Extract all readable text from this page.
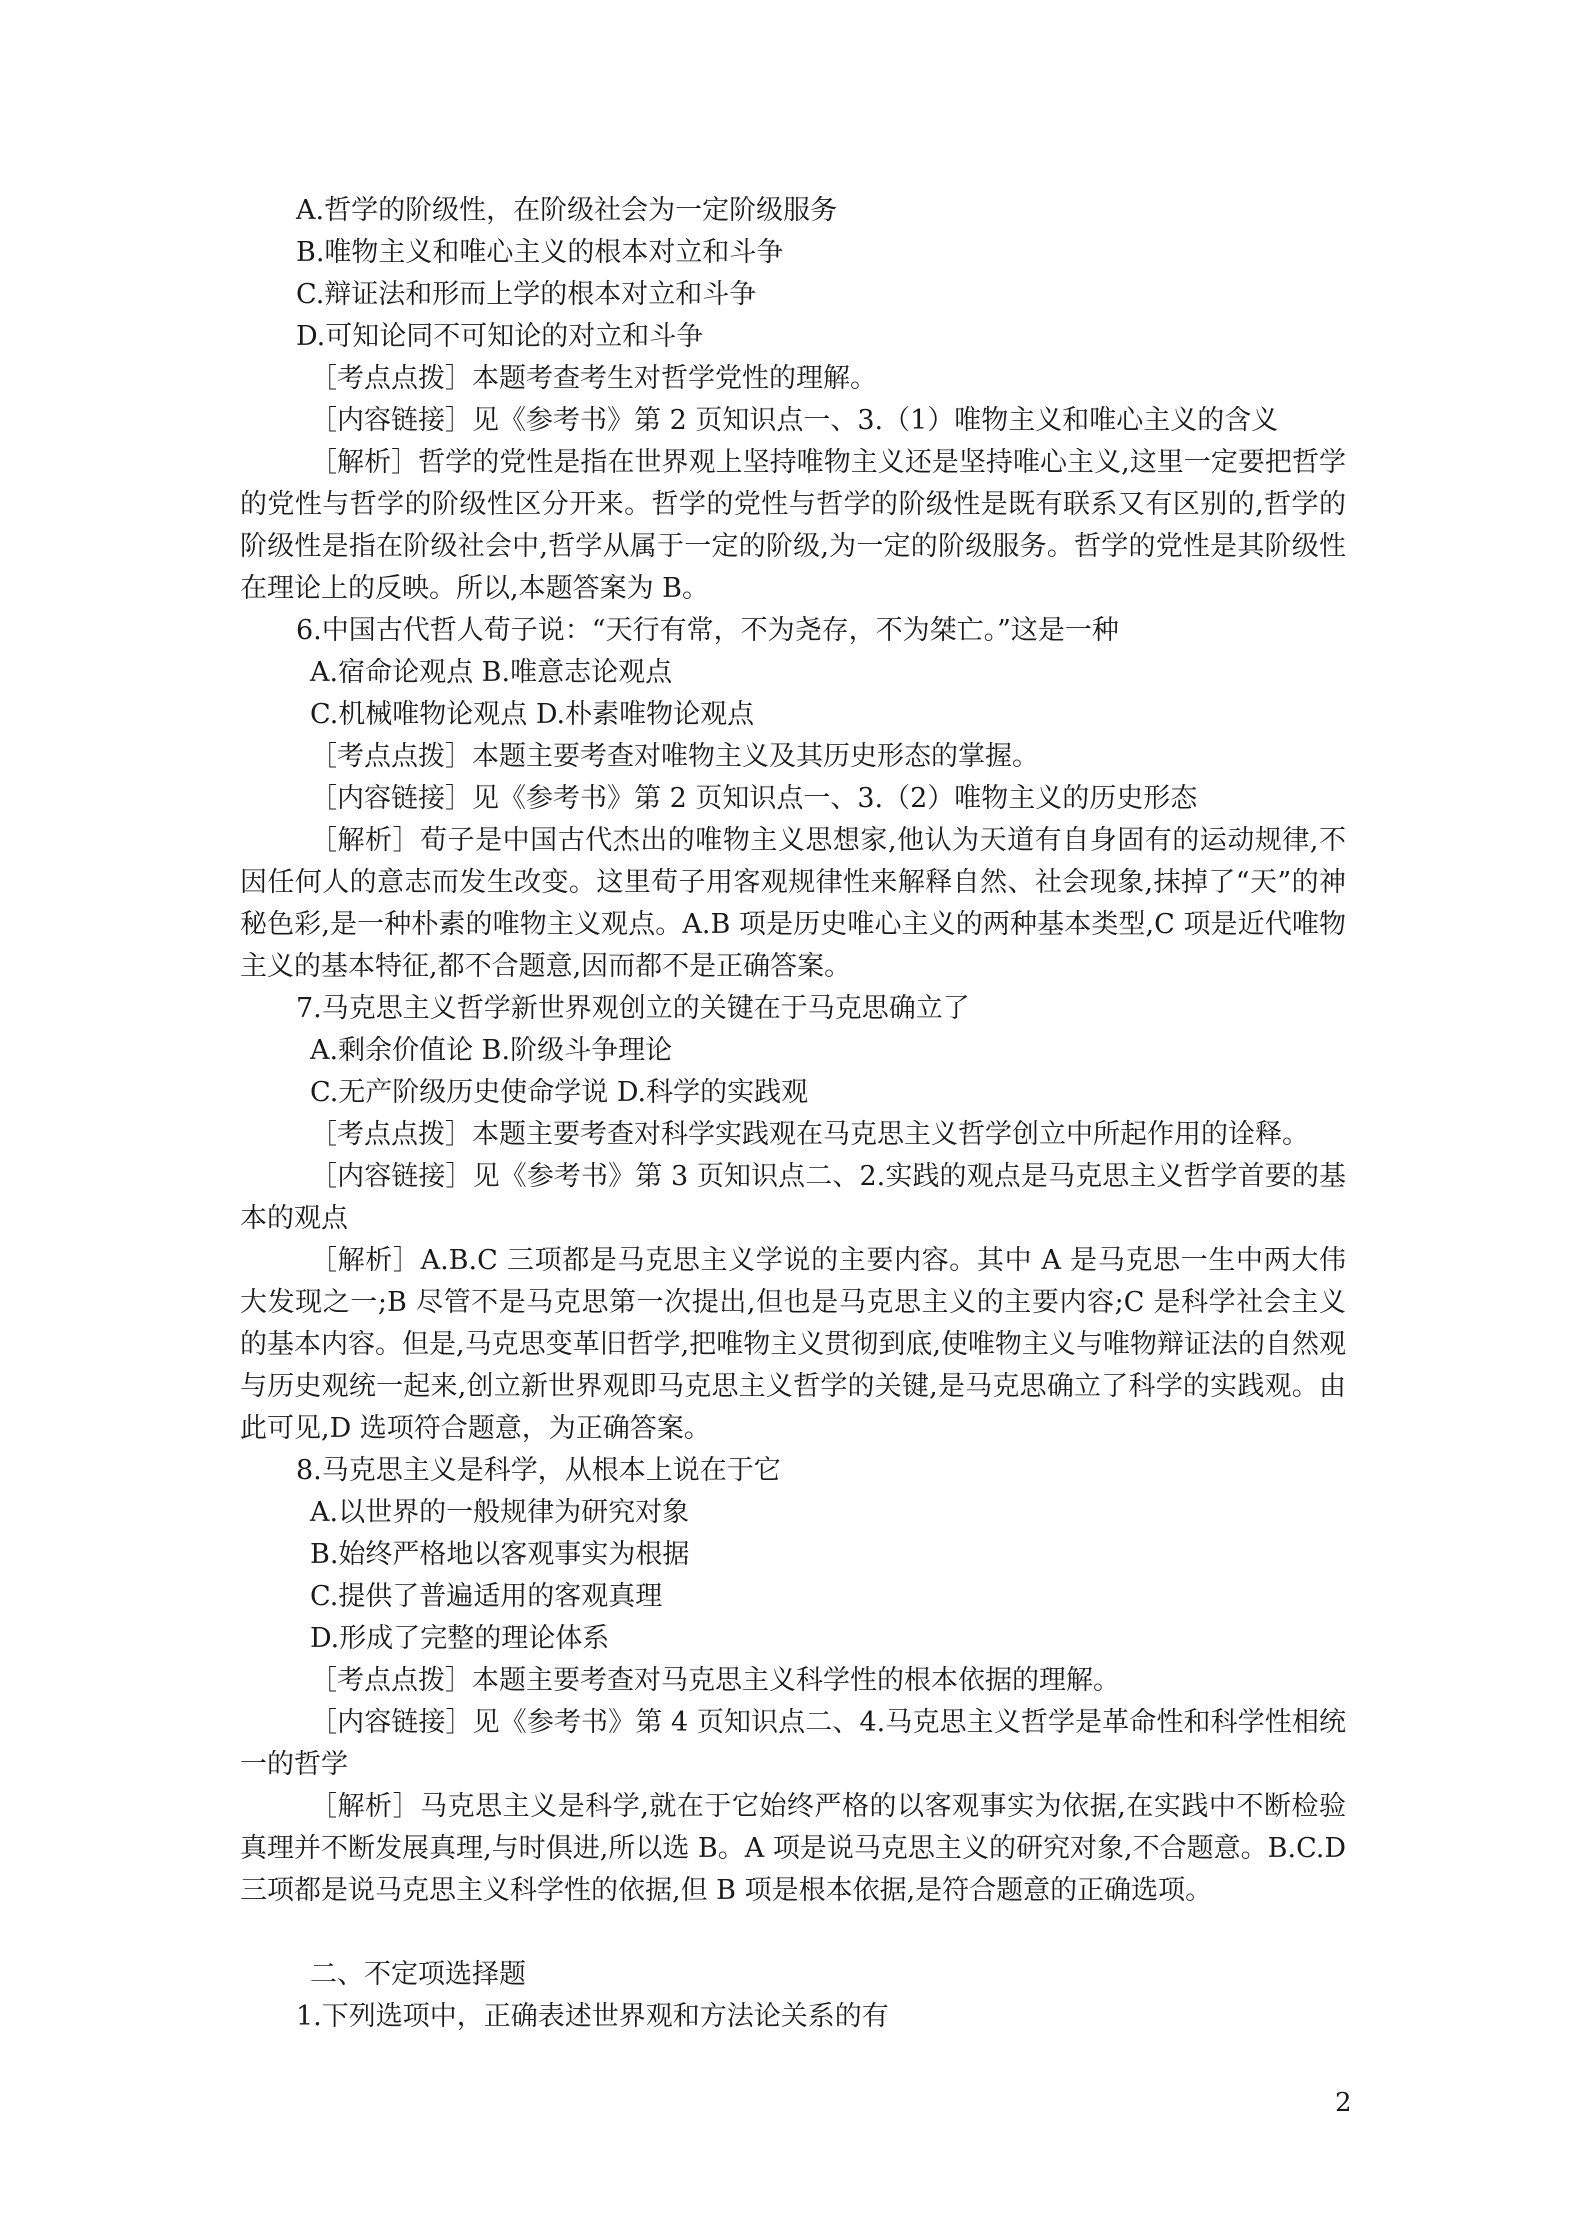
A.哲学的阶级性，在阶级社会为一定阶级服务
B.唯物主义和唯心主义的根本对立和斗争
C.辩证法和形而上学的根本对立和斗争
D.可知论同不可知论的对立和斗争
［考点点拨］本题考查考生对哲学党性的理解。
［内容链接］见《参考书》第 2 页知识点一、3.（1）唯物主义和唯心主义的含义
［解析］哲学的党性是指在世界观上坚持唯物主义还是坚持唯心主义,这里一定要把哲学的党性与哲学的阶级性区分开来。哲学的党性与哲学的阶级性是既有联系又有区别的,哲学的阶级性是指在阶级社会中,哲学从属于一定的阶级,为一定的阶级服务。哲学的党性是其阶级性在理论上的反映。所以,本题答案为 B。
6.中国古代哲人荀子说：“天行有常，不为尧存，不为桀亡。”这是一种
A.宿命论观点 B.唯意志论观点
C.机械唯物论观点 D.朴素唯物论观点
［考点点拨］本题主要考查对唯物主义及其历史形态的掌握。
［内容链接］见《参考书》第 2 页知识点一、3.（2）唯物主义的历史形态
［解析］荀子是中国古代杰出的唯物主义思想家,他认为天道有自身固有的运动规律,不因任何人的意志而发生改变。这里荀子用客观规律性来解释自然、社会现象,抹掉了“天”的神秘色彩,是一种朴素的唯物主义观点。A.B 项是历史唯心主义的两种基本类型,C 项是近代唯物主义的基本特征,都不合题意,因而都不是正确答案。
7.马克思主义哲学新世界观创立的关键在于马克思确立了
A.剩余价值论 B.阶级斗争理论
C.无产阶级历史使命学说 D.科学的实践观
［考点点拨］本题主要考查对科学实践观在马克思主义哲学创立中所起作用的诠释。
［内容链接］见《参考书》第 3 页知识点二、2.实践的观点是马克思主义哲学首要的基本的观点
［解析］A.B.C 三项都是马克思主义学说的主要内容。其中 A 是马克思一生中两大伟大发现之一;B 尽管不是马克思第一次提出,但也是马克思主义的主要内容;C 是科学社会主义的基本内容。但是,马克思变革旧哲学,把唯物主义贯彻到底,使唯物主义与唯物辩证法的自然观与历史观统一起来,创立新世界观即马克思主义哲学的关键,是马克思确立了科学的实践观。由此可见,D 选项符合题意，为正确答案。
8.马克思主义是科学，从根本上说在于它
A.以世界的一般规律为研究对象
B.始终严格地以客观事实为根据
C.提供了普遍适用的客观真理
D.形成了完整的理论体系
［考点点拨］本题主要考查对马克思主义科学性的根本依据的理解。
［内容链接］见《参考书》第 4 页知识点二、4.马克思主义哲学是革命性和科学性相统一的哲学
［解析］马克思主义是科学,就在于它始终严格的以客观事实为依据,在实践中不断检验真理并不断发展真理,与时俱进,所以选 B。A 项是说马克思主义的研究对象,不合题意。B.C.D 三项都是说马克思主义科学性的依据,但 B 项是根本依据,是符合题意的正确选项。
二、不定项选择题
1.下列选项中，正确表述世界观和方法论关系的有
2
